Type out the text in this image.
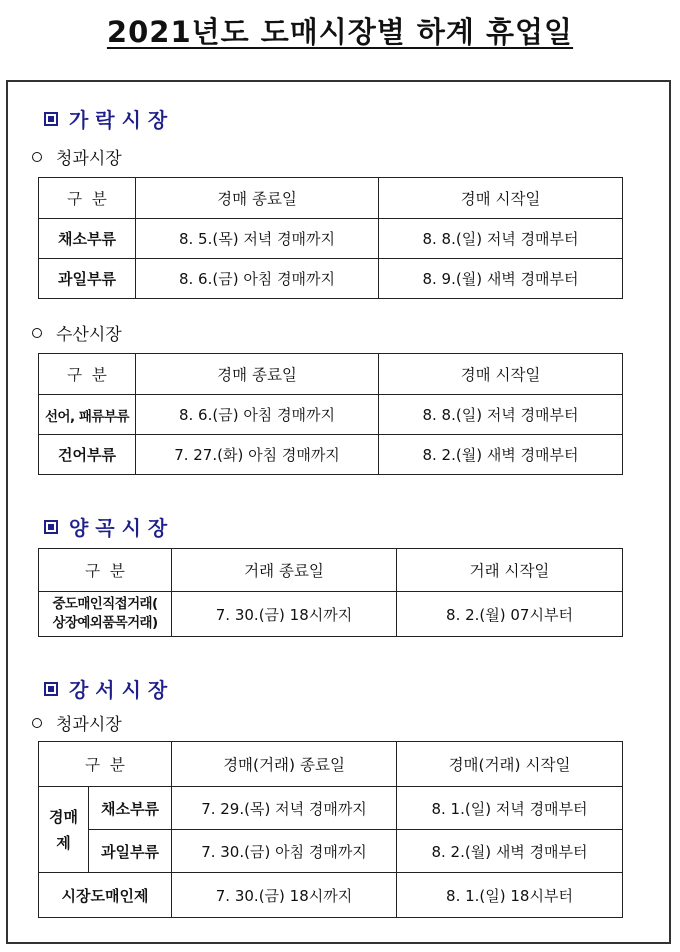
2021년도 도매시장별 하계 휴업일
가 락 시 장
청과시장
구  분	경매 종료일	경매 시작일
채소부류	8. 5.(목) 저녁 경매까지	8. 8.(일) 저녁 경매부터
과일부류	8. 6.(금) 아침 경매까지	8. 9.(월) 새벽 경매부터
수산시장
구  분	경매 종료일	경매 시작일
선어, 패류부류	8. 6.(금) 아침 경매까지	8. 8.(일) 저녁 경매부터
건어부류	7. 27.(화) 아침 경매까지	8. 2.(월) 새벽 경매부터
양 곡 시 장
구  분	거래 종료일	거래 시작일

중도매인직접거래(
상장예외품목거래)	7. 30.(금) 18시까지	8. 2.(월) 07시부터
강 서 시 장
청과시장
구  분		경매(거래) 종료일	경매(거래) 시작일

경매
제	채소부류	7. 29.(목) 저녁 경매까지	8. 1.(일) 저녁 경매부터
	과일부류	7. 30.(금) 아침 경매까지	8. 2.(월) 새벽 경매부터
시장도매인제		7. 30.(금) 18시까지	8. 1.(일) 18시부터
